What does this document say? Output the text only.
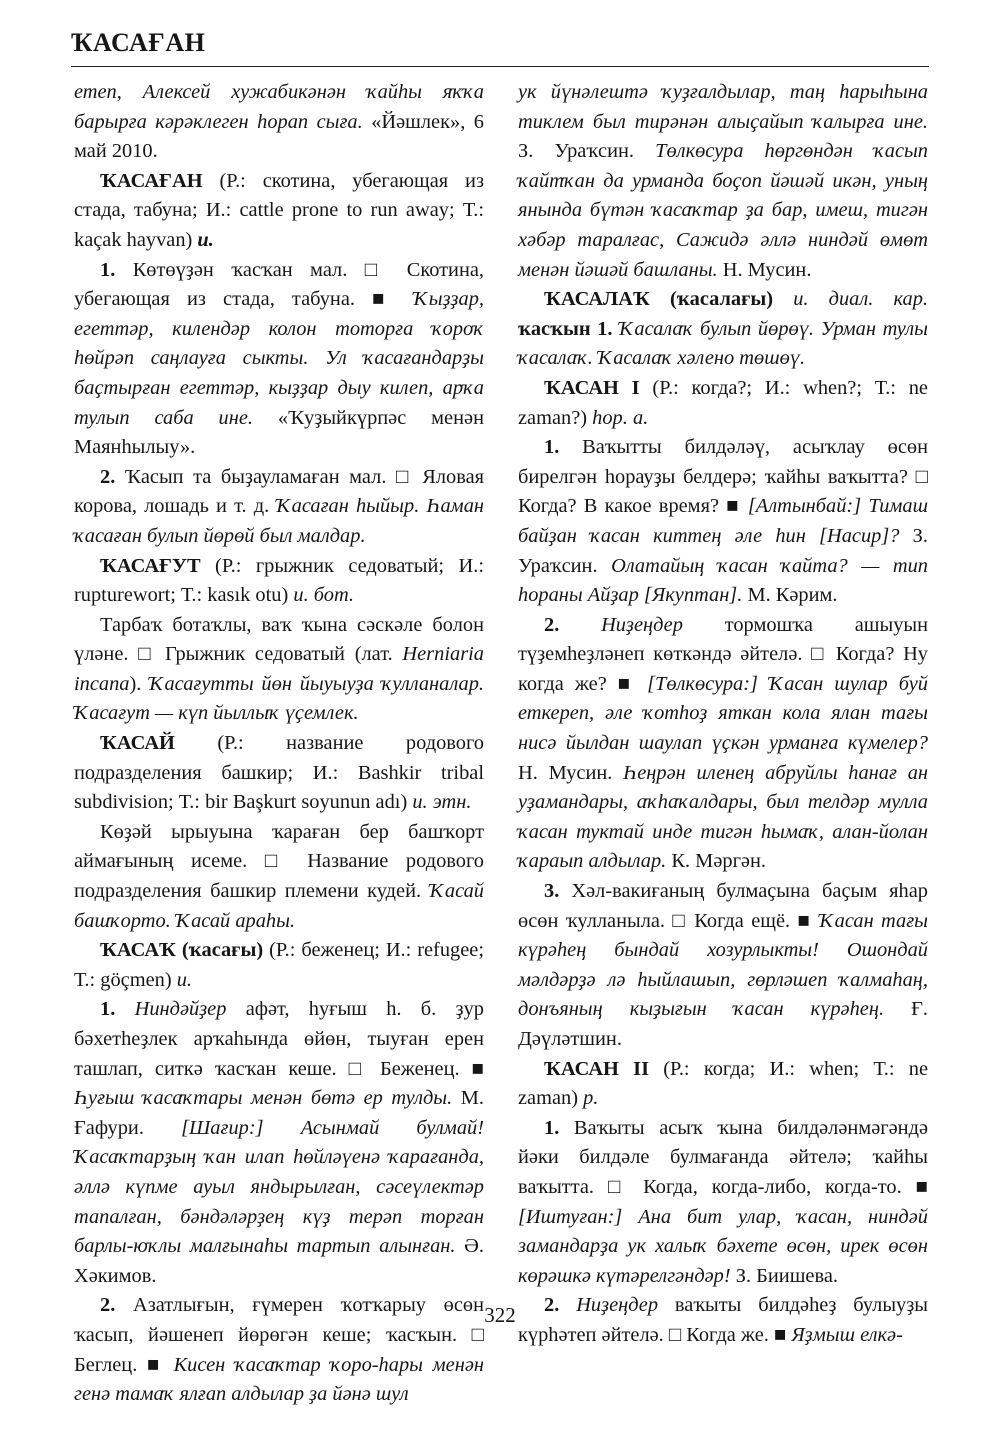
ҠАСАҒАН

етеп, Алексей хужабикәнән ҡайһы яҡҡа барырға кәрәклеген һорап сыға. «Йәшлек», 6 май 2010.

ҠАСАҒАН (Р.: скотина, убегающая из стада, табуна; И.: cattle prone to run away; Т.: kaçak hayvan) и.

1. Көтөүҙән ҡасҡан мал. □ Скотина, убегающая из стада, табуна. ■ Ҡыҙҙар, егеттәр, килендәр колон тоторға ҡороҡ һөйрәп саңлауға сыкты. Ул ҡасағандарҙы баҫтырған егеттәр, кыҙҙар дыу килеп, арҡа тулып саба ине. «Ҡуҙыйкүрпәс менән Маянһылыу».

2. Ҡасып та быҙауламаған мал. □ Яловая корова, лошадь и т. д. Ҡасаған һыйыр. Һаман ҡасаған булып йөрөй был малдар.

ҠАСАҒУТ (Р.: грыжник седоватый; И.: rupturewort; Т.: kasık otu) и. бот.

Тарбаҡ ботаҡлы, ваҡ ҡына сәскәле болон үләне. □ Грыжник седоватый (лат. Herniaria incana). Ҡасағутты йөн йыуыуҙа ҡулланалар. Ҡасағут — күп йыллыҡ үҫемлек.

ҠАСАЙ (Р.: название родового подразделения башкир; И.: Bashkir tribal subdivision; Т.: bir Başkurt soyunun adı) и. этн.

Көҙәй ырыуына ҡараған бер башҡорт аймағының исеме. □ Название родового подразделения башкир племени кудей. Ҡасай башҡорто. Ҡасай араһы.

ҠАСАҠ (ҡасағы) (Р.: беженец; И.: refugee; Т.: göçmen) и.

1. Ниндәйҙер афәт, һуғыш һ. б. ҙур бәхетһеҙлек арҡаһында өйөн, тыуған ерен ташлап, ситкә ҡасҡан кеше. □ Беженец. ■ Һуғыш ҡасаҡтары менән бөтә ер тулды. М. Ғафури. [Шағир:] Асынмай булмай! Ҡасаҡтарҙың ҡан илап һөйләүенә ҡарағанда, әллә күпме ауыл яндырылған, сәсеүлектәр тапалған, бәндәләрҙең күҙ терәп торған барлы-юҡлы малғынаһы тартып алынған. Ә. Хәкимов.

2. Азатлығын, ғүмерен ҡотҡарыу өсөн ҡасып, йәшенеп йөрөгән кеше; ҡасҡын. □ Беглец. ■ Кисен ҡасаҡтар ҡоро-һары менән генә тамаҡ ялғап алдылар ҙа йәнә шул

ук йүнәлештә ҡуҙғалдылар, таң һарыһына тиклем был тирәнән алыҫайып ҡалырға ине. З. Ураҡсин. Төлкөсура һөргөндән ҡасып ҡайтҡан да урманда боҫоп йәшәй икән, уның янында бүтән ҡасаҡтар ҙа бар, имеш, тигән хәбәр таралғас, Сажидә әллә ниндәй өмөт менән йәшәй башланы. Н. Мусин.

ҠАСАЛАҠ (ҡасалағы) и. диал. кар. ҡасҡын 1. Ҡасалаҡ булып йөрөү. Урман тулы ҡасалаҡ. Ҡасалаҡ хәлено төшөү.

ҠАСАН I (Р.: когда?; И.: when?; Т.: ne zaman?) һор. а.

1. Ваҡытты билдәләү, асыҡлау өсөн бирелгән һорауҙы белдерә; ҡайһы ваҡытта? □ Когда? В какое время? ■ [Алтынбай:] Тимаш байҙан ҡасан киттең әле һин [Насир]? З. Ураҡсин. Олатайың ҡасан ҡайта? — тип һораны Айҙар [Якуптан]. М. Кәрим.

2. Ниҙеңдер тормошҡа ашыуын түҙемһеҙләнеп көткәндә әйтелә. □ Когда? Ну когда же? ■ [Төлкөсура:] Ҡасан шулар буй еткереп, әле ҡотһоҙ яткан кола ялан тағы нисә йылдан шаулап үҫкән урманға күмелер? Н. Мусин. Һеңрән иленең абруйлы һанағ ан уҙамандары, аҡһаҡалдары, был телдәр мулла ҡасан туктай инде тигән һымаҡ, алан-йолан ҡараып алдылар. К. Мәргән.

3. Хәл-вакиғаның булмаҫына баҫым яһар өсөн ҡулланыла. □ Когда ещё. ■ Ҡасан тағы күрәһең бындай хозурлыкты! Ошондай мәлдәрҙә лә һыйлашып, гөрләшеп ҡалмаһаң, донъяның кыҙығын ҡасан күрәһең. Ғ. Дәүләтшин.

ҠАСАН II (Р.: когда; И.: when; Т.: ne zaman) р.

1. Ваҡыты асыҡ ҡына билдәләнмәгәндә йәки билдәле булмағанда әйтелә; ҡайһы ваҡытта. □ Когда, когда-либо, когда-то. ■ [Иштуған:] Ана бит улар, ҡасан, ниндәй замандарҙа ук халыҡ бәхете өсөн, ирек өсөн көрәшкә күтәрелгәндәр! З. Биишева.

2. Ниҙеңдер ваҡыты билдәһеҙ булыуҙы күрһәтеп әйтелә. □ Когда же. ■ Яҙмыш елкә-

322
